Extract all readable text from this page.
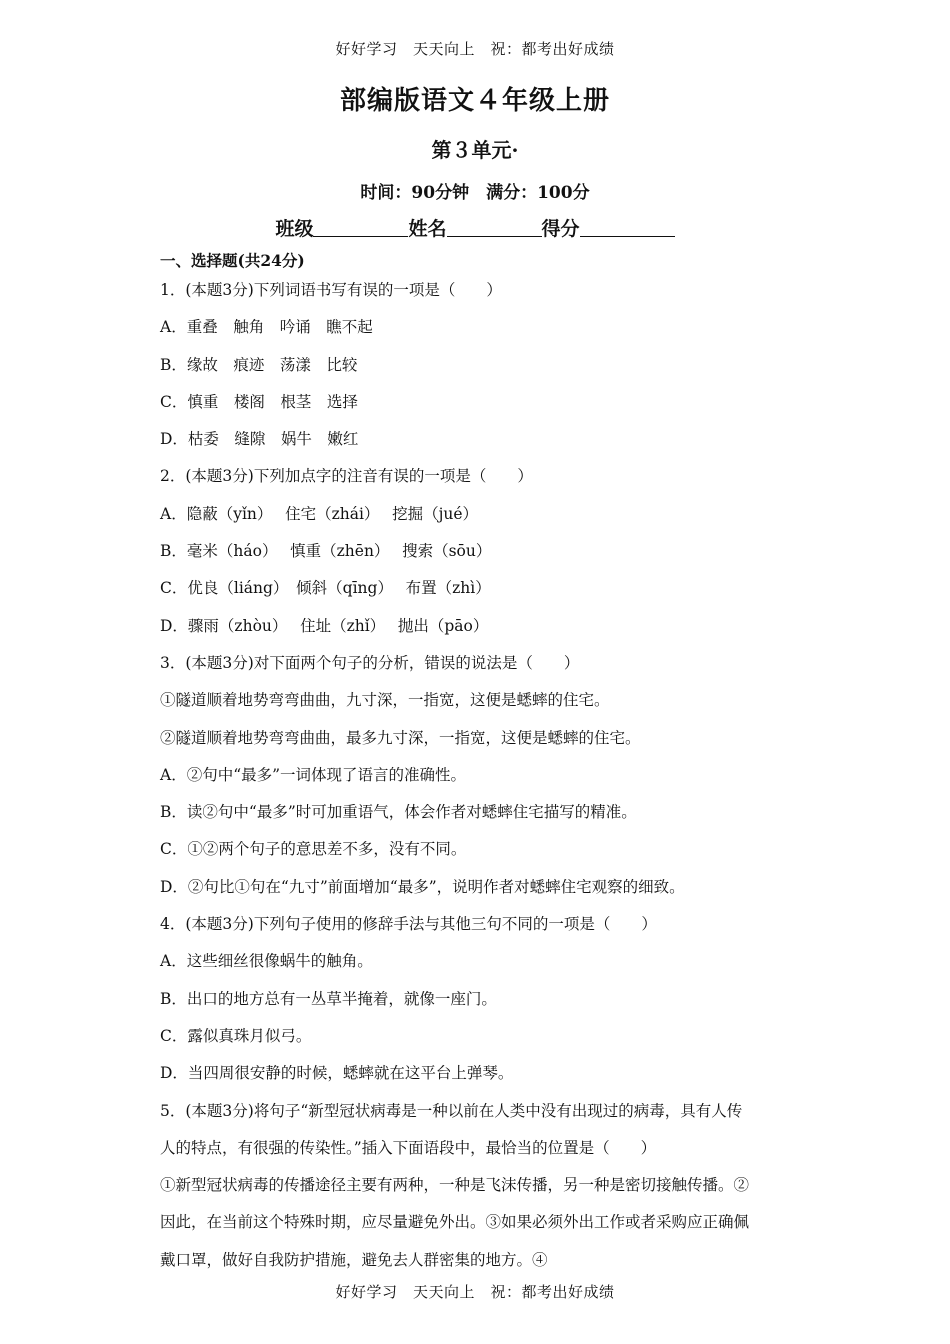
好好学习　天天向上　祝：都考出好成绩
部编版语文４年级上册
第３单元·
时间：90分钟　满分：100分
班级	姓名	得分
一、选择题(共24分)
1．(本题3分)下列词语书写有误的一项是（　　）
A．重叠　触角　吟诵　瞧不起
B．缘故　痕迹　荡漾　比较
C．慎重　楼阁　根茎　选择
D．枯委　缝隙　娲牛　嫩红
2．(本题3分)下列加点字的注音有误的一项是（　　）
A．隐蔽（yǐn）　 住宅（zhái）　 挖掘（jué）
B．毫米（háo）　 慎重（zhēn）　 搜索（sōu）
C．优良（liáng）　倾斜（qīng）　 布置（zhì）
D．骤雨（zhòu）　 住址（zhǐ）　 抛出（pāo）
3．(本题3分)对下面两个句子的分析，错误的说法是（　　）
①隧道顺着地势弯弯曲曲，九寸深，一指宽，这便是蟋蟀的住宅。
②隧道顺着地势弯弯曲曲，最多九寸深，一指宽，这便是蟋蟀的住宅。
A．②句中“最多”一词体现了语言的准确性。
B．读②句中“最多”时可加重语气，体会作者对蟋蟀住宅描写的精准。
C．①②两个句子的意思差不多，没有不同。
D．②句比①句在“九寸”前面增加“最多”，说明作者对蟋蟀住宅观察的细致。
4．(本题3分)下列句子使用的修辞手法与其他三句不同的一项是（　　）
A．这些细丝很像蜗牛的触角。
B．出口的地方总有一丛草半掩着，就像一座门。
C．露似真珠月似弓。
D．当四周很安静的时候，蟋蟀就在这平台上弹琴。
5．(本题3分)将句子“新型冠状病毒是一种以前在人类中没有出现过的病毒，具有人传
人的特点，有很强的传染性。”插入下面语段中，最恰当的位置是（　　）
①新型冠状病毒的传播途径主要有两种，一种是飞沫传播，另一种是密切接触传播。②
因此，在当前这个特殊时期，应尽量避免外出。③如果必须外出工作或者采购应正确佩
戴口罩，做好自我防护措施，避免去人群密集的地方。④
好好学习　天天向上　祝：都考出好成绩
